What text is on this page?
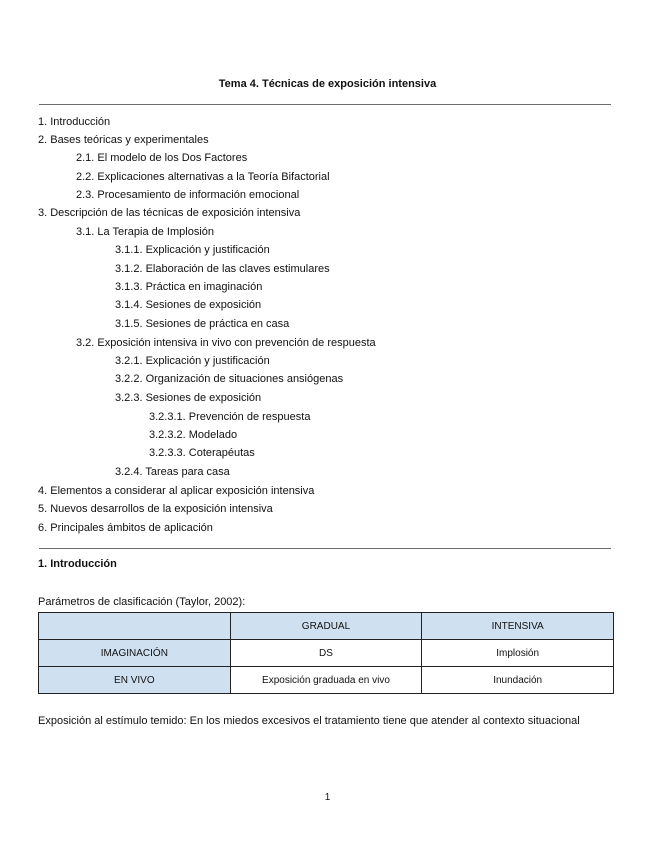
Tema 4. Técnicas de exposición intensiva
1. Introducción
2. Bases teóricas y experimentales
2.1. El modelo de los Dos Factores
2.2. Explicaciones alternativas a la Teoría Bifactorial
2.3. Procesamiento de información emocional
3. Descripción de las técnicas de exposición intensiva
3.1. La Terapia de Implosión
3.1.1. Explicación y justificación
3.1.2. Elaboración de las claves estimulares
3.1.3. Práctica en imaginación
3.1.4. Sesiones de exposición
3.1.5. Sesiones de práctica en casa
3.2. Exposición intensiva in vivo con prevención de respuesta
3.2.1. Explicación y justificación
3.2.2. Organización de situaciones ansiógenas
3.2.3. Sesiones de exposición
3.2.3.1. Prevención de respuesta
3.2.3.2. Modelado
3.2.3.3. Coterapéutas
3.2.4. Tareas para casa
4. Elementos a considerar al aplicar exposición intensiva
5. Nuevos desarrollos de la exposición intensiva
6. Principales ámbitos de aplicación
1. Introducción
Parámetros de clasificación (Taylor, 2002):
	GRADUAL	INTENSIVA
IMAGINACIÓN	DS	Implosión
EN VIVO	Exposición graduada en vivo	Inundación
Exposición al estímulo temido: En los miedos excesivos el tratamiento tiene que atender al contexto situacional
1
